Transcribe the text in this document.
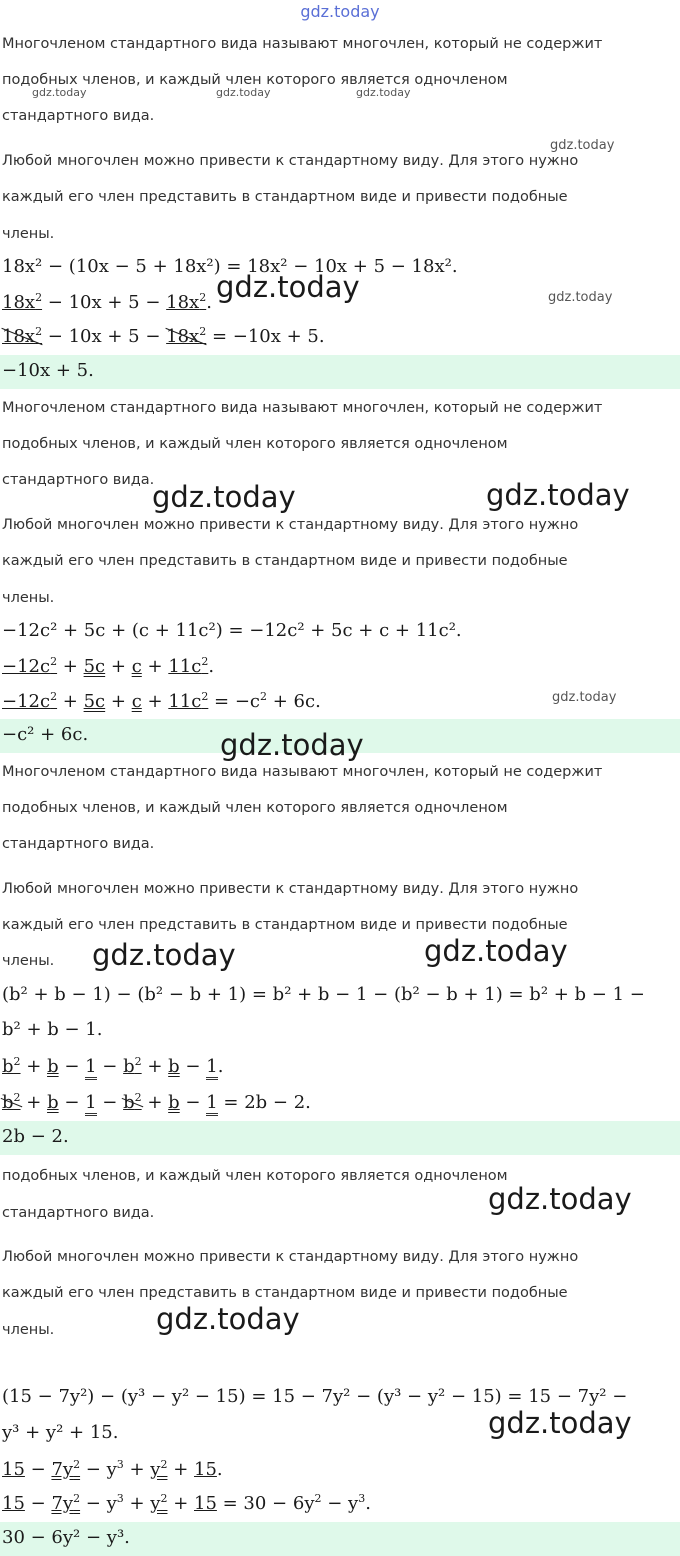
gdz.today
Многочленом стандартного вида называют многочлен, который не содержит
подобных членов, и каждый член которого является одночленом
gdz.today	gdz.today	gdz.today
стандартного вида.
gdz.today
Любой многочлен можно привести к стандартному виду. Для этого нужно
каждый его член представить в стандартном виде и привести подобные
члены.
18x² − (10x − 5 + 18x²) = 18x² − 10x + 5 − 18x².
$18x^2 - 10x + 5 - 18x^2$. gdz.today	gdz.today
$18x^2 - 10x + 5 - 18x^2 = -10x + 5$.
−10x + 5.
Многочленом стандартного вида называют многочлен, который не содержит
подобных членов, и каждый член которого является одночленом
стандартного вида.
gdz.today	gdz.today
Любой многочлен можно привести к стандартному виду. Для этого нужно
каждый его член представить в стандартном виде и привести подобные
члены.
−12c² + 5c + (c + 11c²) = −12c² + 5c + c + 11c².
$-12c^2 + 5c + c + 11c^2$.
$-12c^2 + 5c + c + 11c^2 = -c^2 + 6c$.	gdz.today
−c² + 6c.	gdz.today
Многочленом стандартного вида называют многочлен, который не содержит
подобных членов, и каждый член которого является одночленом
стандартного вида.
Любой многочлен можно привести к стандартному виду. Для этого нужно
каждый его член представить в стандартном виде и привести подобные
члены. gdz.today	gdz.today
(b² + b − 1) − (b² − b + 1) = b² + b − 1 − (b² − b + 1) = b² + b − 1 −
b² + b − 1.
$b^2 + b - 1 - b^2 + b - 1$.
$b^2 + b - 1 - b^2 + b - 1 = 2b - 2$.
2b − 2.
подобных членов, и каждый член которого является одночленом
gdz.today
стандартного вида.
Любой многочлен можно привести к стандартному виду. Для этого нужно
каждый его член представить в стандартном виде и привести подобные
члены.	gdz.today
(15 − 7y²) − (y³ − y² − 15) = 15 − 7y² − (y³ − y² − 15) = 15 − 7y² −
y³ + y² + 15.	gdz.today
$15 - 7y^2 - y^3 + y^2 + 15$.
$15 - 7y^2 - y^3 + y^2 + 15 = 30 - 6y^2 - y^3$.
30 − 6y² − y³.
